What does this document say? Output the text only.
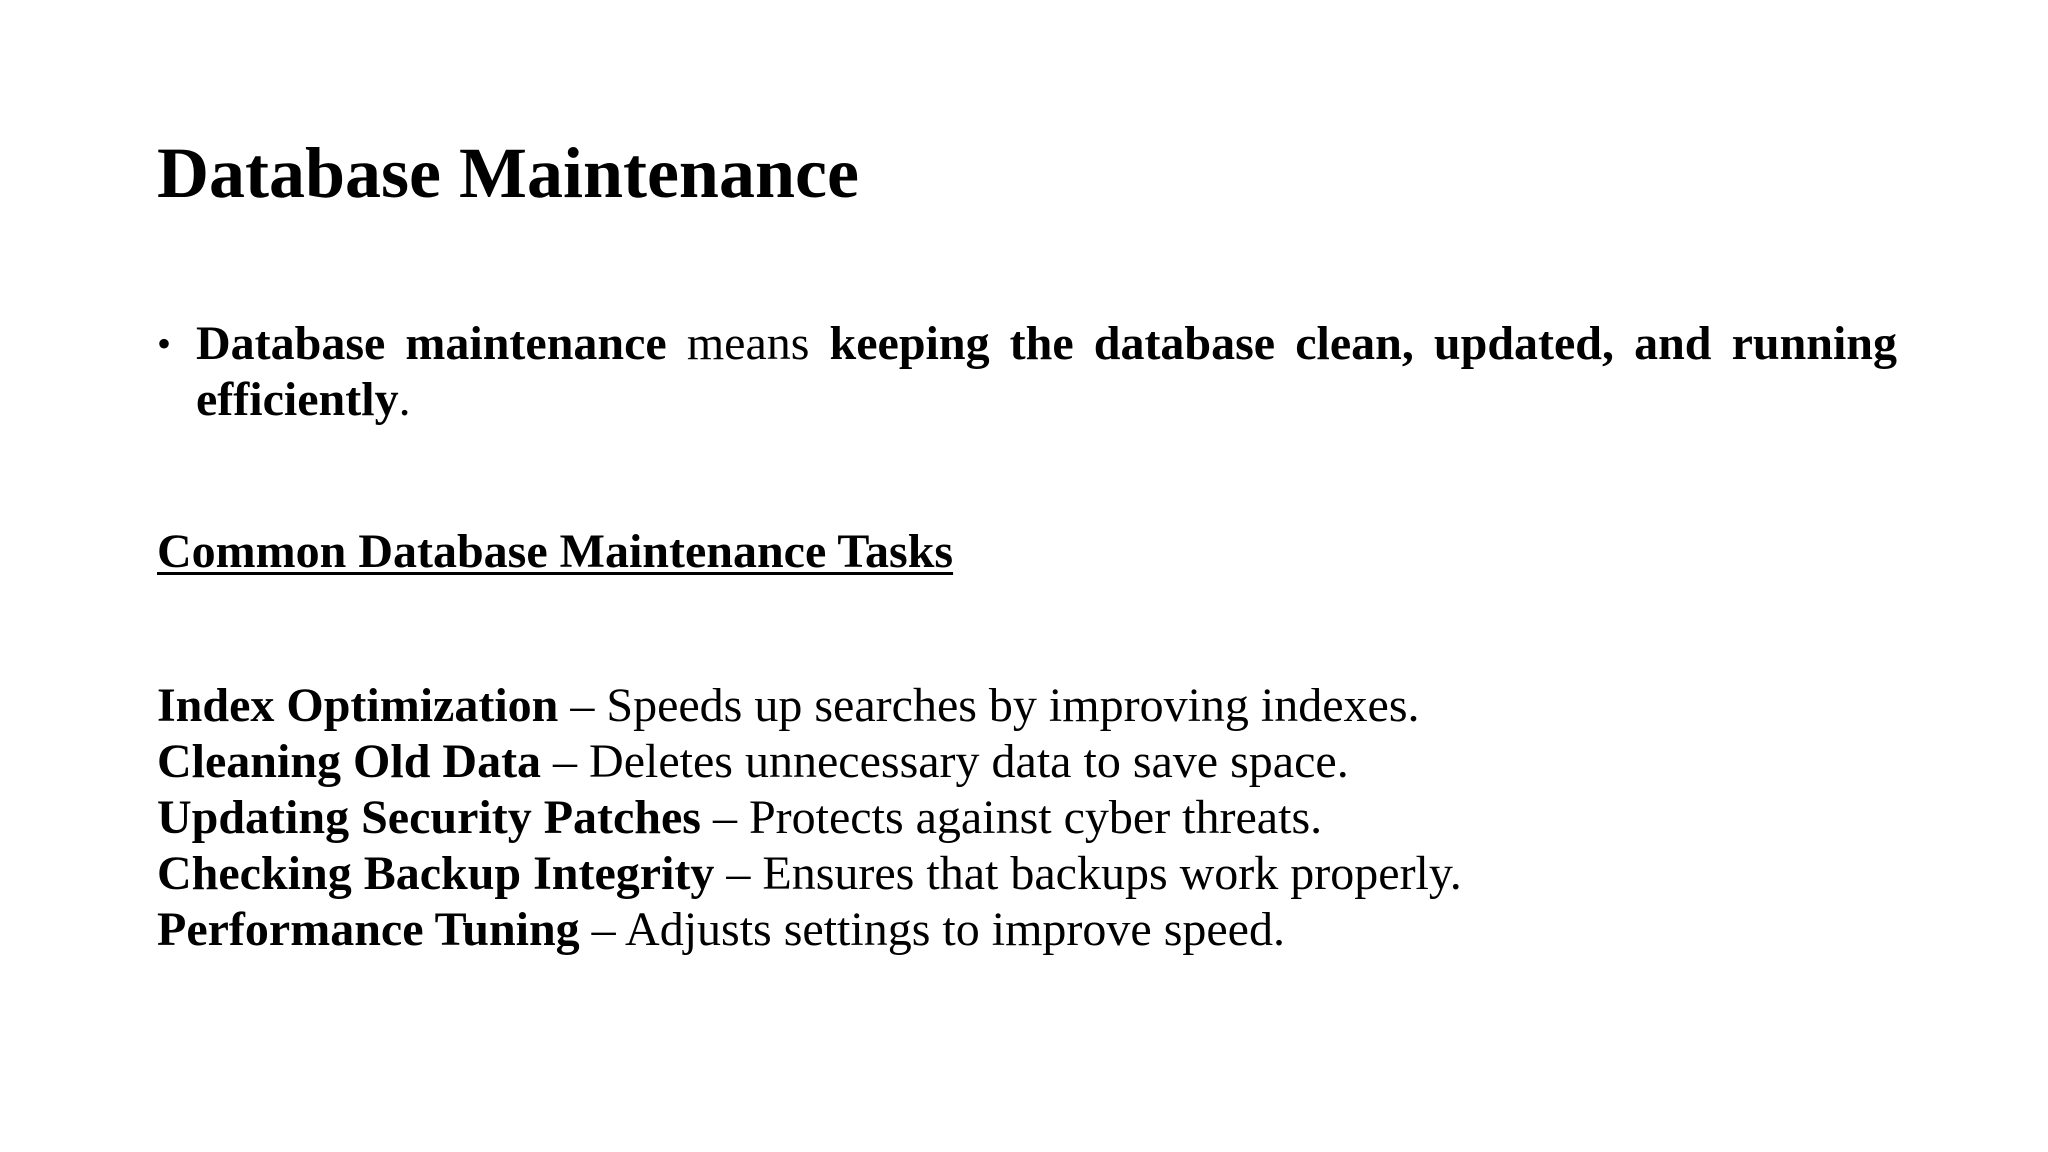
Database Maintenance
• Database maintenance means keeping the database clean, updated, and running efficiently.
Common Database Maintenance Tasks
Index Optimization – Speeds up searches by improving indexes.
Cleaning Old Data – Deletes unnecessary data to save space.
Updating Security Patches – Protects against cyber threats.
Checking Backup Integrity – Ensures that backups work properly.
Performance Tuning – Adjusts settings to improve speed.
